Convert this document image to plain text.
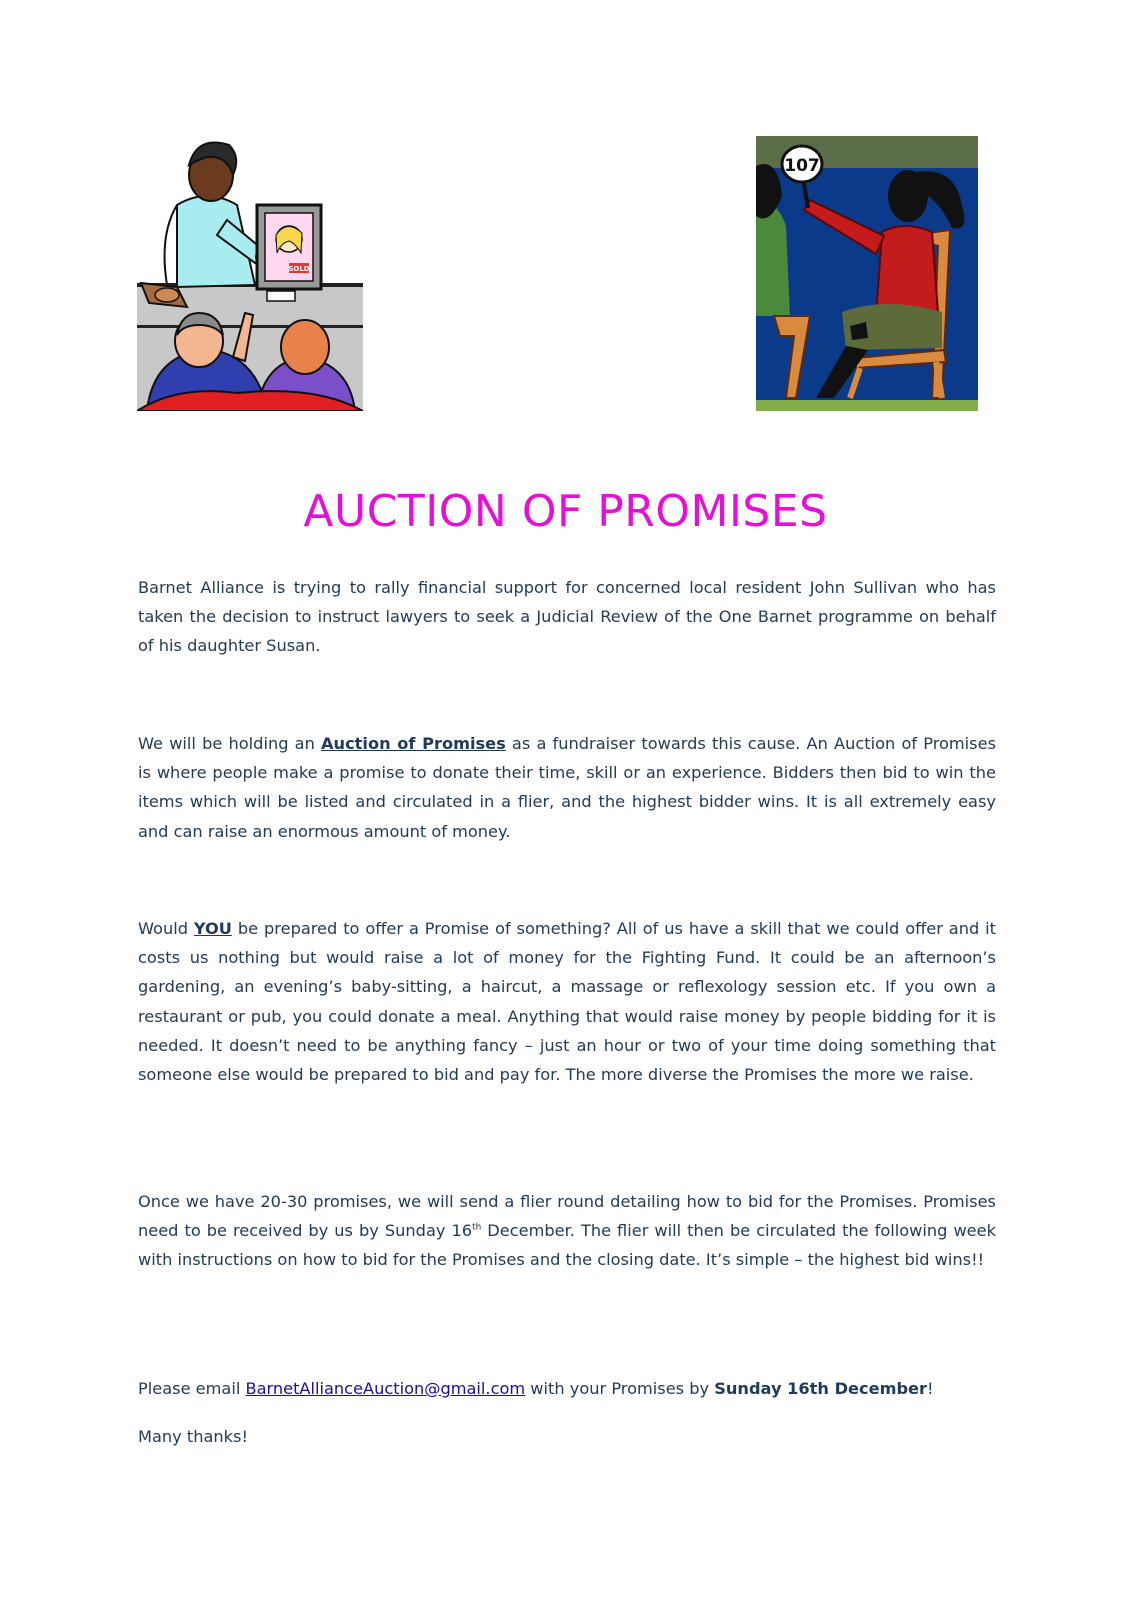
SOLD
107
AUCTION OF PROMISES

Barnet Alliance is trying to rally financial support for concerned local resident John Sullivan who has taken the decision to instruct lawyers to seek a Judicial Review of the One Barnet programme on behalf of his daughter Susan.

We will be holding an Auction of Promises as a fundraiser towards this cause. An Auction of Promises is where people make a promise to donate their time, skill or an experience. Bidders then bid to win the items which will be listed and circulated in a flier, and the highest bidder wins. It is all extremely easy and can raise an enormous amount of money.

Would YOU be prepared to offer a Promise of something? All of us have a skill that we could offer and it costs us nothing but would raise a lot of money for the Fighting Fund. It could be an afternoon’s gardening, an evening’s baby-sitting, a haircut, a massage or reflexology session etc. If you own a restaurant or pub, you could donate a meal. Anything that would raise money by people bidding for it is needed. It doesn’t need to be anything fancy – just an hour or two of your time doing something that someone else would be prepared to bid and pay for. The more diverse the Promises the more we raise.

Once we have 20-30 promises, we will send a flier round detailing how to bid for the Promises. Promises need to be received by us by Sunday 16th December. The flier will then be circulated the following week with instructions on how to bid for the Promises and the closing date. It’s simple – the highest bid wins!!

Please email BarnetAllianceAuction@gmail.com with your Promises by Sunday 16th December!

Many thanks!
